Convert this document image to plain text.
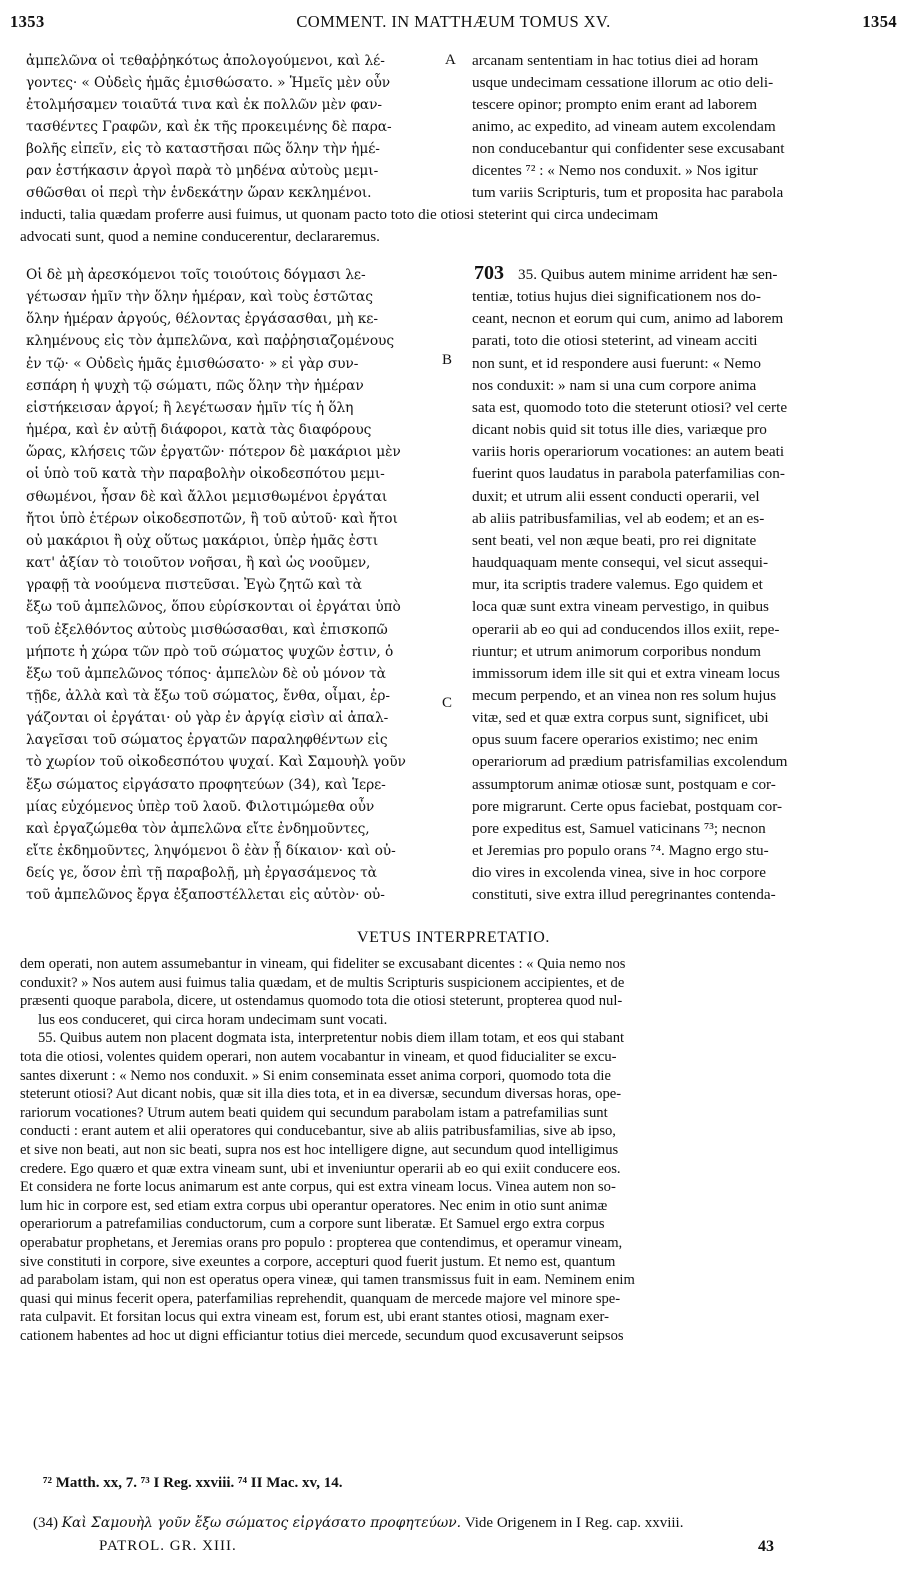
1353	COMMENT. IN MATTHÆUM TOMUS XV.	1354
ἀμπελῶνα οἱ τεθαῤῥηκότως ἀπολογούμενοι, καὶ λέ-
γοντες· « Οὐδεὶς ἡμᾶς ἐμισθώσατο. » Ἡμεῖς μὲν οὖν
ἐτολμήσαμεν τοιαῦτά τινα καὶ ἐκ πολλῶν μὲν φαν-
τασθέντες Γραφῶν, καὶ ἐκ τῆς προκειμένης δὲ παρα-
βολῆς εἰπεῖν, εἰς τὸ καταστῆσαι πῶς ὅλην τὴν ἡμέ-
ραν ἑστήκασιν ἀργοὶ παρὰ τὸ μηδένα αὐτοὺς μεμι-
σθῶσθαι οἱ περὶ τὴν ἑνδεκάτην ὥραν κεκλημένοι.
A arcanam sententiam in hac totius diei ad horam
usque undecimam cessatione illorum ac otio deli-
tescere opinor; prompto enim erant ad laborem
animo, ac expedito, ad vineam autem excolendam
non conducebantur qui confidenter sese excusabant
dicentes ⁷² : « Nemo nos conduxit. » Nos igitur
tum variis Scripturis, tum et proposita hac parabola
inducti, talia quædam proferre ausi fuimus, ut quonam pacto toto die otiosi steterint qui circa undecimam
advocati sunt, quod a nemine conducerentur, declararemus.
Οἱ δὲ μὴ ἀρεσκόμενοι τοῖς τοιούτοις δόγμασι λε-
γέτωσαν ἡμῖν τὴν ὅλην ἡμέραν, καὶ τοὺς ἑστῶτας
ὅλην ἡμέραν ἀργούς, θέλοντας ἐργάσασθαι, μὴ κε-
κλημένους εἰς τὸν ἀμπελῶνα, καὶ παῤῥησιαζομένους
ἐν τῷ· « Οὐδεὶς ἡμᾶς ἐμισθώσατο· » εἰ γὰρ συν-
εσπάρη ἡ ψυχὴ τῷ σώματι, πῶς ὅλην τὴν ἡμέραν
εἱστήκεισαν ἀργοί; ἢ λεγέτωσαν ἡμῖν τίς ἡ ὅλη
ἡμέρα, καὶ ἐν αὐτῇ διάφοροι, κατὰ τὰς διαφόρους
ὥρας, κλήσεις τῶν ἐργατῶν· πότερον δὲ μακάριοι μὲν
οἱ ὑπὸ τοῦ κατὰ τὴν παραβολὴν οἰκοδεσπότου μεμι-
σθωμένοι, ἦσαν δὲ καὶ ἄλλοι μεμισθωμένοι ἐργάται
ἤτοι ὑπὸ ἑτέρων οἰκοδεσποτῶν, ἢ τοῦ αὐτοῦ· καὶ ἤτοι
οὐ μακάριοι ἢ οὐχ οὕτως μακάριοι, ὑπὲρ ἡμᾶς ἐστι
κατ' ἀξίαν τὸ τοιοῦτον νοῆσαι, ἢ καὶ ὡς νοοῦμεν,
γραφῇ τὰ νοούμενα πιστεῦσαι. Ἐγὼ ζητῶ καὶ τὰ
ἔξω τοῦ ἀμπελῶνος, ὅπου εὑρίσκονται οἱ ἐργάται ὑπὸ
τοῦ ἐξελθόντος αὐτοὺς μισθώσασθαι, καὶ ἐπισκοπῶ
μήποτε ἡ χώρα τῶν πρὸ τοῦ σώματος ψυχῶν ἐστιν, ὁ
ἔξω τοῦ ἀμπελῶνος τόπος· ἀμπελὼν δὲ οὐ μόνον τὰ
τῇδε, ἀλλὰ καὶ τὰ ἔξω τοῦ σώματος, ἔνθα, οἶμαι, ἐρ-
γάζονται οἱ ἐργάται· οὐ γὰρ ἐν ἀργίᾳ εἰσὶν αἱ ἀπαλ-
λαγεῖσαι τοῦ σώματος ἐργατῶν παραληφθέντων εἰς
τὸ χωρίον τοῦ οἰκοδεσπότου ψυχαί. Καὶ Σαμουὴλ γοῦν
ἔξω σώματος εἰργάσατο προφητεύων (34), καὶ Ἱερε-
μίας εὐχόμενος ὑπὲρ τοῦ λαοῦ. Φιλοτιμώμεθα οὖν
καὶ ἐργαζώμεθα τὸν ἀμπελῶνα εἴτε ἐνδημοῦντες,
εἴτε ἐκδημοῦντες, ληψόμενοι ὃ ἐὰν ᾖ δίκαιον· καὶ οὐ-
δείς γε, ὅσον ἐπὶ τῇ παραβολῇ, μὴ ἐργασάμενος τὰ
τοῦ ἀμπελῶνος ἔργα ἐξαποστέλλεται εἰς αὐτὸν· οὐ-
B
C
703 35. Quibus autem minime arrident hæ sen-
tentiæ, totius hujus diei significationem nos do-
ceant, necnon et eorum qui cum, animo ad laborem
parati, toto die otiosi steterint, ad vineam acciti
non sunt, et id respondere ausi fuerunt: « Nemo
nos conduxit: » nam si una cum corpore anima
sata est, quomodo toto die steterunt otiosi? vel certe
dicant nobis quid sit totus ille dies, variæque pro
variis horis operariorum vocationes: an autem beati
fuerint quos laudatus in parabola paterfamilias con-
duxit; et utrum alii essent conducti operarii, vel
ab aliis patribusfamilias, vel ab eodem; et an es-
sent beati, vel non æque beati, pro rei dignitate
haudquaquam mente consequi, vel sicut assequi-
mur, ita scriptis tradere valemus. Ego quidem et
loca quæ sunt extra vineam pervestigo, in quibus
operarii ab eo qui ad conducendos illos exiit, repe-
riuntur; et utrum animorum corporibus nondum
immissorum idem ille sit qui et extra vineam locus
mecum perpendo, et an vinea non res solum hujus
vitæ, sed et quæ extra corpus sunt, significet, ubi
opus suum facere operarios existimo; nec enim
operariorum ad prædium patrisfamilias excolendum
assumptorum animæ otiosæ sunt, postquam e cor-
pore migrarunt. Certe opus faciebat, postquam cor-
pore expeditus est, Samuel vaticinans ⁷³; necnon
et Jeremias pro populo orans ⁷⁴. Magno ergo stu-
dio vires in excolenda vinea, sive in hoc corpore
constituti, sive extra illud peregrinantes contenda-
VETUS INTERPRETATIO.
dem operati, non autem assumebantur in vineam, qui fideliter se excusabant dicentes : « Quia nemo nos
conduxit? » Nos autem ausi fuimus talia quædam, et de multis Scripturis suspicionem accipientes, et de
præsenti quoque parabola, dicere, ut ostendamus quomodo tota die otiosi steterunt, propterea quod nul-
lus eos conduceret, qui circa horam undecimam sunt vocati.
55. Quibus autem non placent dogmata ista, interpretentur nobis diem illam totam, et eos qui stabant
tota die otiosi, volentes quidem operari, non autem vocabantur in vineam, et quod fiducialiter se excu-
santes dixerunt : « Nemo nos conduxit. » Si enim conseminata esset anima corpori, quomodo tota die
steterunt otiosi? Aut dicant nobis, quæ sit illa dies tota, et in ea diversæ, secundum diversas horas, ope-
rariorum vocationes? Utrum autem beati quidem qui secundum parabolam istam a patrefamilias sunt
conducti : erant autem et alii operatores qui conducebantur, sive ab aliis patribusfamilias, sive ab ipso,
et sive non beati, aut non sic beati, supra nos est hoc intelligere digne, aut secundum quod intelligimus
credere. Ego quæro et quæ extra vineam sunt, ubi et inveniuntur operarii ab eo qui exiit conducere eos.
Et considera ne forte locus animarum est ante corpus, qui est extra vineam locus. Vinea autem non so-
lum hic in corpore est, sed etiam extra corpus ubi operantur operatores. Nec enim in otio sunt animæ
operariorum a patrefamilias conductorum, cum a corpore sunt liberatæ. Et Samuel ergo extra corpus
operabatur prophetans, et Jeremias orans pro populo : propterea que contendimus, et operamur vineam,
sive constituti in corpore, sive exeuntes a corpore, accepturi quod fuerit justum. Et nemo est, quantum
ad parabolam istam, qui non est operatus opera vineæ, qui tamen transmissus fuit in eam. Neminem enim
quasi qui minus fecerit opera, paterfamilias reprehendit, quanquam de mercede majore vel minore spe-
rata culpavit. Et forsitan locus qui extra vineam est, forum est, ubi erant stantes otiosi, magnam exer-
cationem habentes ad hoc ut digni efficiantur totius diei mercede, secundum quod excusaverunt seipsos
⁷² Matth. xx, 7. ⁷³ I Reg. xxviii. ⁷⁴ II Mac. xv, 14.
(34) Καὶ Σαμουὴλ γοῦν ἔξω σώματος εἰργάσατο προφητεύων. Vide Origenem in I Reg. cap. xxviii.
PATROL. GR. XIII.	43
